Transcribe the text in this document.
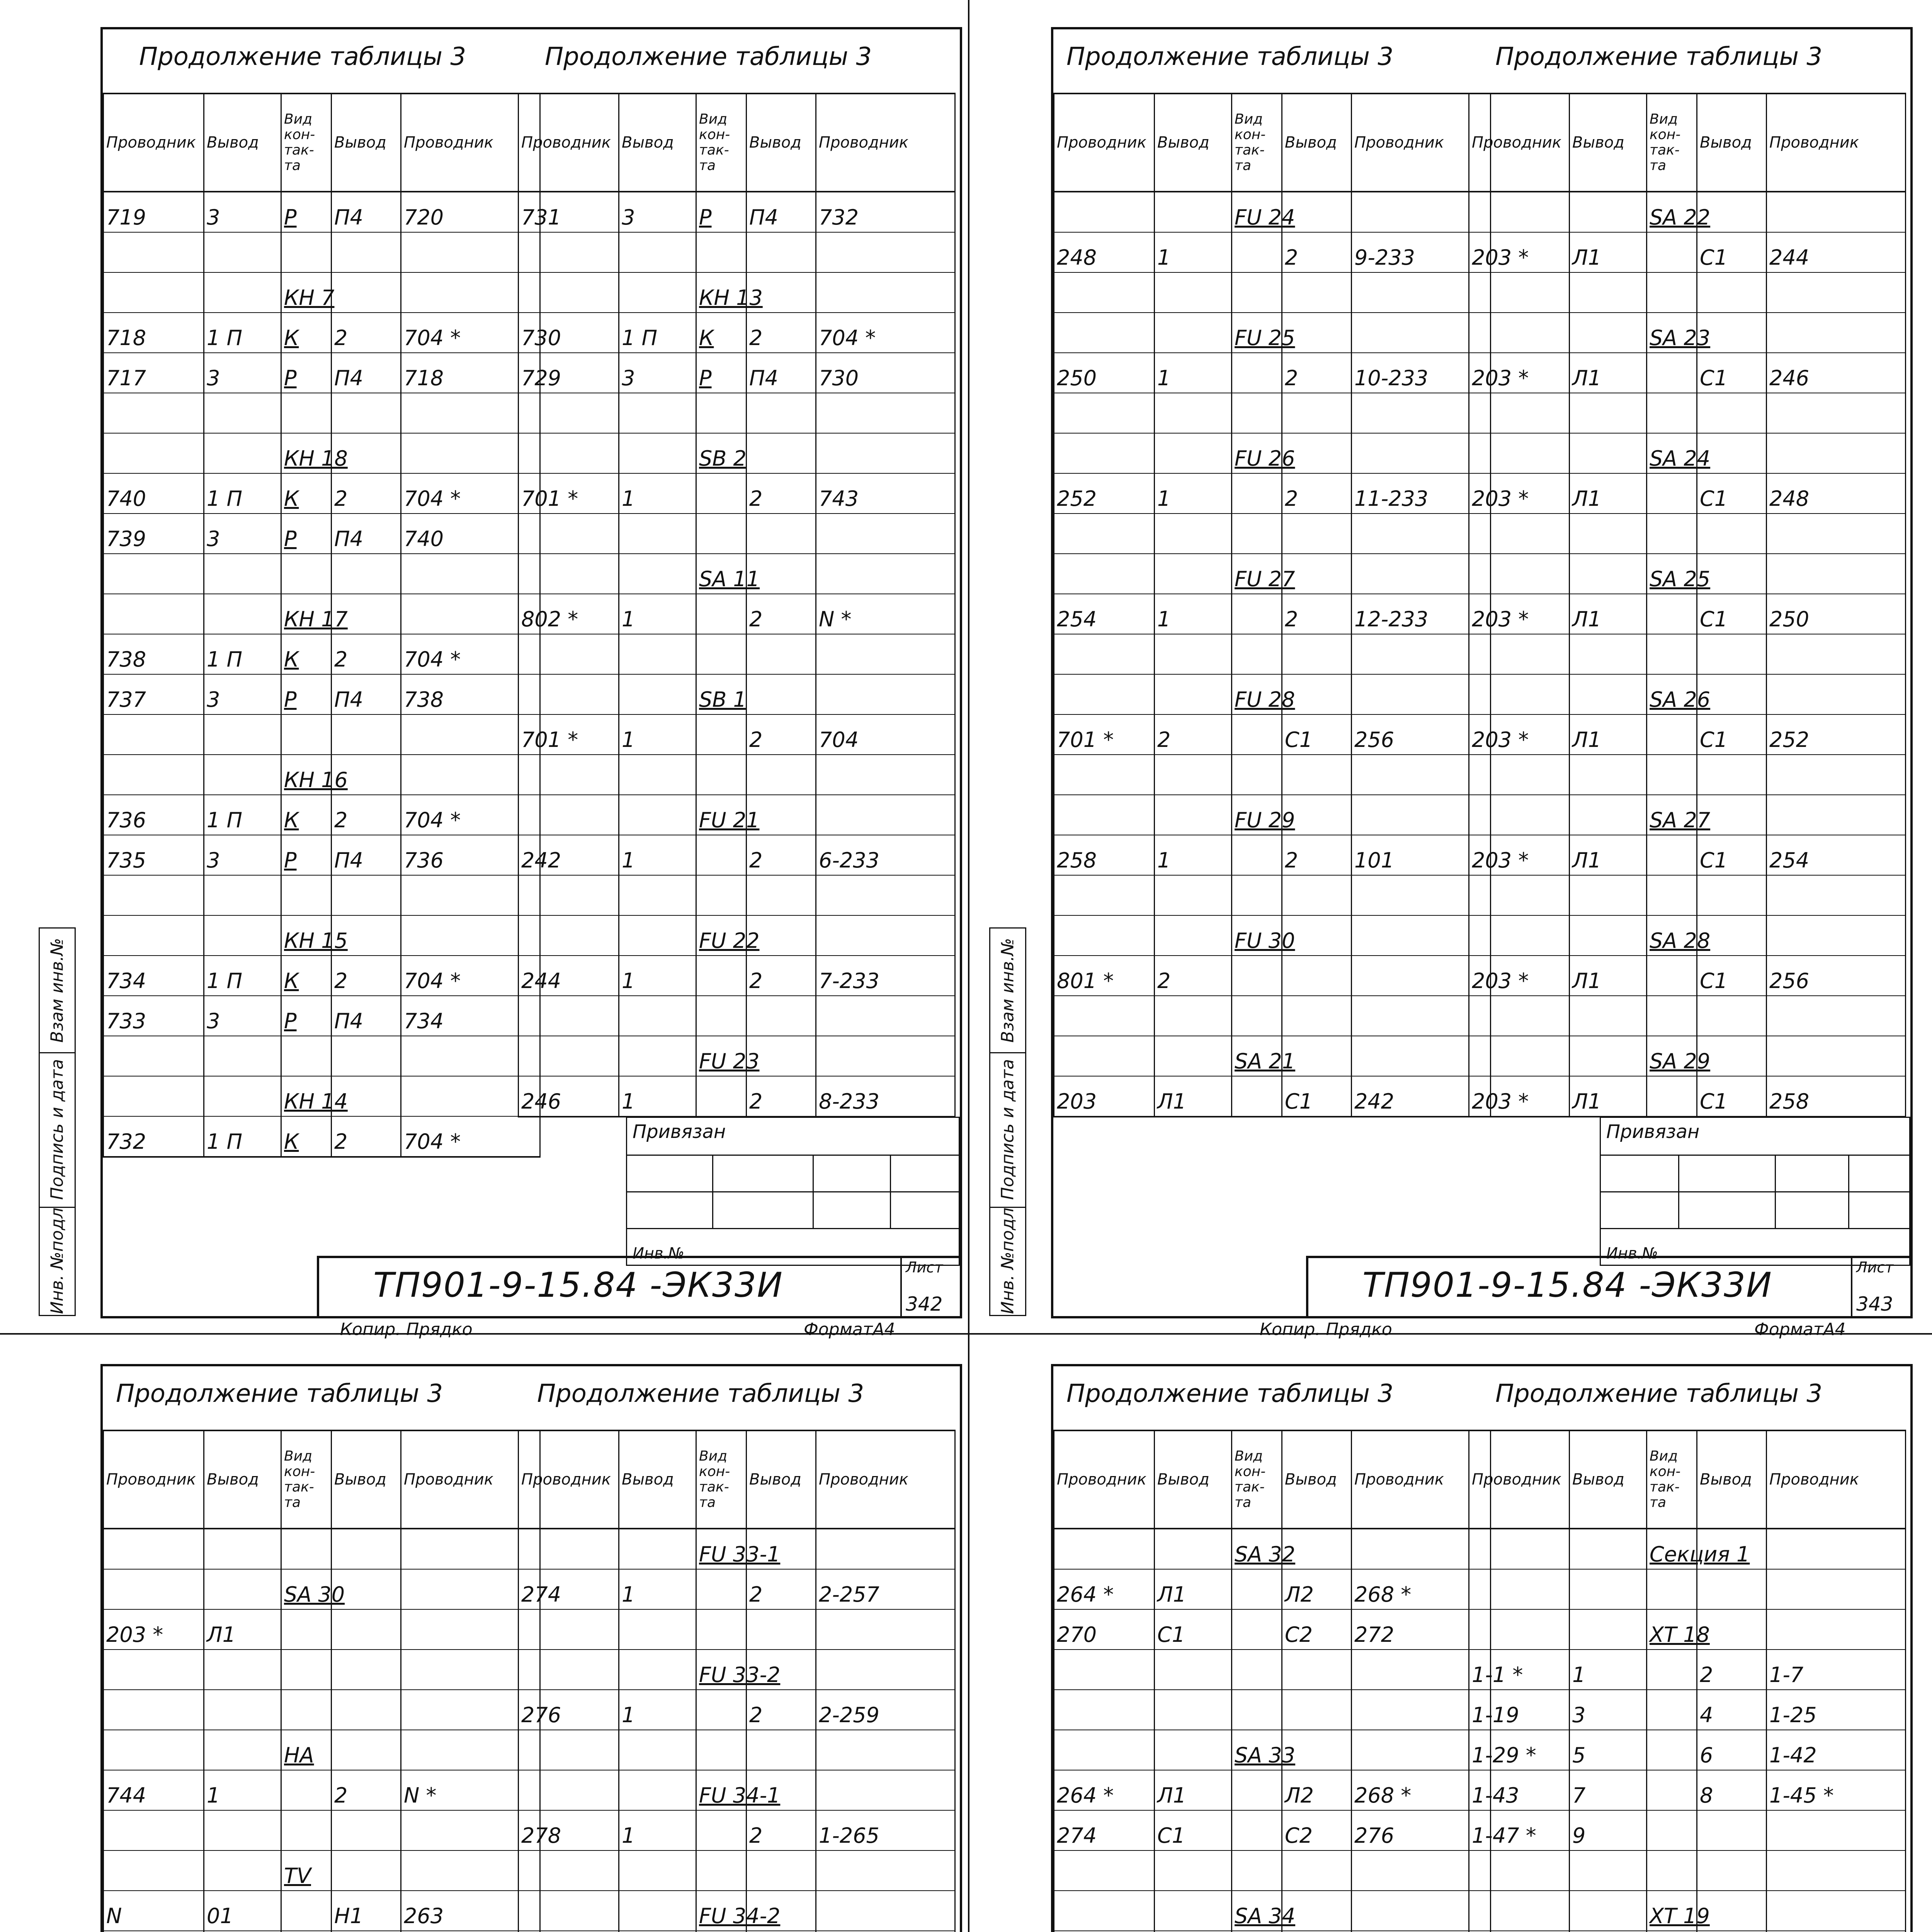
Взам инв.№
Подпись и дата
Инв. №подл
Продолжение таблицы 3	Продолжение таблицы 3
Проводник	Вывод	Вид кон- так- та	Вывод	Проводник
719	3	Р	П4	720

		КН 7		
718	1 П	К	2	704 *
717	3	Р	П4	718

		КН 18		
740	1 П	К	2	704 *
739	3	Р	П4	740

		КН 17		
738	1 П	К	2	704 *
737	3	Р	П4	738

		КН 16		
736	1 П	К	2	704 *
735	3	Р	П4	736

		КН 15		
734	1 П	К	2	704 *
733	3	Р	П4	734

		КН 14		
732	1 П	К	2	704 *
Проводник	Вывод	Вид кон- так- та	Вывод	Проводник
731	3	Р	П4	732

		КН 13		
730	1 П	К	2	704 *
729	3	Р	П4	730

		SB 2		
701 *	1		2	743

		SA 11		
802 *	1		2	N *

		SB 1		
701 *	1		2	704

		FU 21		
242	1		2	6-233

		FU 22		
244	1		2	7-233

		FU 23		
246	1		2	8-233
Привязан
Инв.№
ТП901-9-15.84 -ЭК33И	Лист
342
Копир. Прядко	ФорматА4
Взам инв.№
Подпись и дата
Инв. №подл
Продолжение таблицы 3	Продолжение таблицы 3
Проводник	Вывод	Вид кон- так- та	Вывод	Проводник
		FU 24		
248	1		2	9-233

		FU 25		
250	1		2	10-233

		FU 26		
252	1		2	11-233

		FU 27		
254	1		2	12-233

		FU 28		
701 *	2		С1	256

		FU 29		
258	1		2	101

		FU 30		
801 *	2			

		SA 21		
203	Л1		С1	242
Проводник	Вывод	Вид кон- так- та	Вывод	Проводник
		SA 22		
203 *	Л1		С1	244

		SA 23		
203 *	Л1		С1	246

		SA 24		
203 *	Л1		С1	248

		SA 25		
203 *	Л1		С1	250

		SA 26		
203 *	Л1		С1	252

		SA 27		
203 *	Л1		С1	254

		SA 28		
203 *	Л1		С1	256

		SA 29		
203 *	Л1		С1	258
Привязан
Инв.№
ТП901-9-15.84 -ЭК33И	Лист
343
Копир. Прядко	ФорматА4
Продолжение таблицы 3	Продолжение таблицы 3
Проводник	Вывод	Вид кон- так- та	Вывод	Проводник

		SA 30		
203 *	Л1			

		НА		
744	1		2	N *

		TV		
N	01		Н1	263

Проводник	Вывод	Вид кон- так- та	Вывод	Проводник
		FU 33-1		
274	1		2	2-257

		FU 33-2		
276	1		2	2-259

		FU 34-1		
278	1		2	1-265

		FU 34-2		

Продолжение таблицы 3	Продолжение таблицы 3
Проводник	Вывод	Вид кон- так- та	Вывод	Проводник
		SA 32		
264 *	Л1		Л2	268 *
270	С1		С2	272

		SA 33		
264 *	Л1		Л2	268 *
274	С1		С2	276

		SA 34		

Проводник	Вывод	Вид кон- так- та	Вывод	Проводник
		Секция 1		

		ХТ 18		
1-1 *	1		2	1-7
1-19	3		4	1-25
1-29 *	5		6	1-42
1-43	7		8	1-45 *
1-47 *	9			

		ХТ 19		
